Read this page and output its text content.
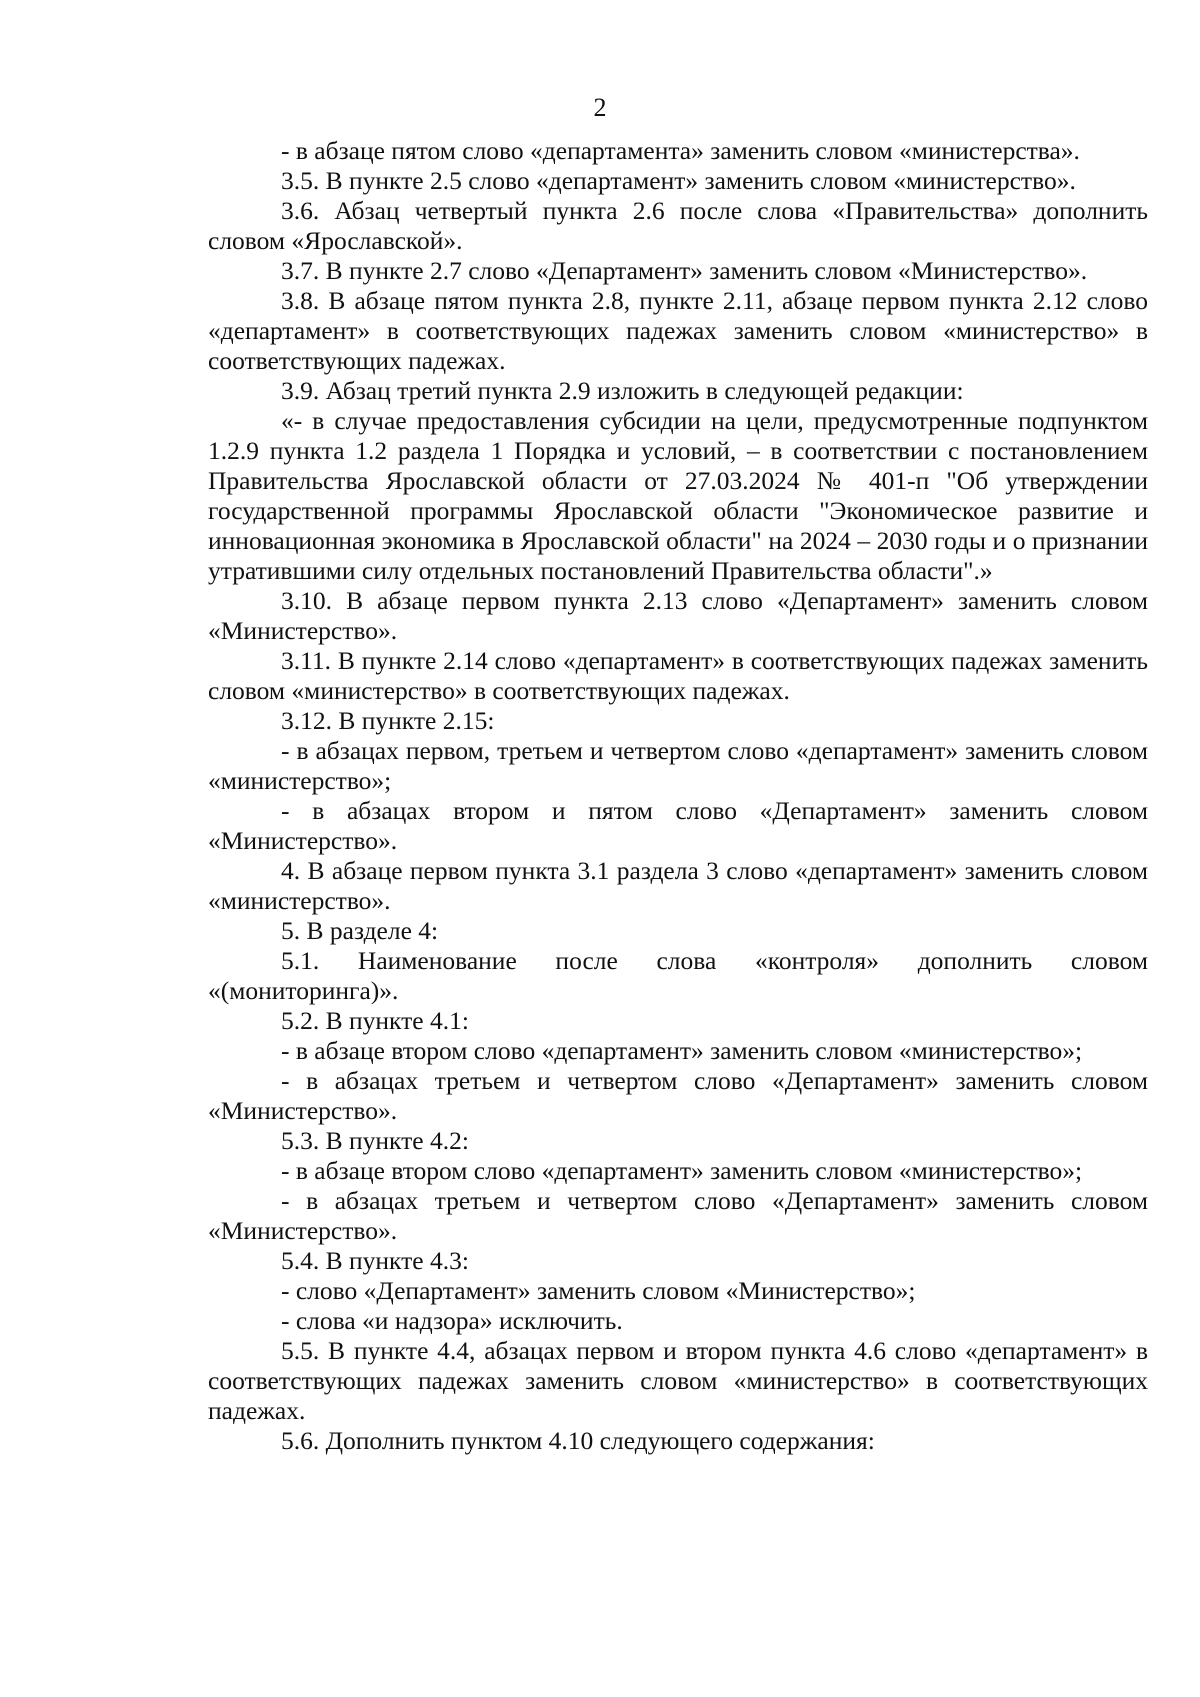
2

- в абзаце пятом слово «департамента» заменить словом «министерства».

3.5. В пункте 2.5 слово «департамент» заменить словом «министерство».

3.6. Абзац четвертый пункта 2.6 после слова «Правительства» дополнить словом «Ярославской».

3.7. В пункте 2.7 слово «Департамент» заменить словом «Министерство».

3.8. В абзаце пятом пункта 2.8, пункте 2.11, абзаце первом пункта 2.12 слово «департамент» в соответствующих падежах заменить словом «министерство» в соответствующих падежах.

3.9. Абзац третий пункта 2.9 изложить в следующей редакции:

«- в случае предоставления субсидии на цели, предусмотренные подпунктом 1.2.9 пункта 1.2 раздела 1 Порядка и условий, – в соответствии с постановлением Правительства Ярославской области от 27.03.2024 № 401-п "Об утверждении государственной программы Ярославской области "Экономическое развитие и инновационная экономика в Ярославской области" на 2024 – 2030 годы и о признании утратившими силу отдельных постановлений Правительства области".»

3.10. В абзаце первом пункта 2.13 слово «Департамент» заменить словом «Министерство».

3.11. В пункте 2.14 слово «департамент» в соответствующих падежах заменить словом «министерство» в соответствующих падежах.

3.12. В пункте 2.15:

- в абзацах первом, третьем и четвертом слово «департамент» заменить словом «министерство»;

- в абзацах втором и пятом слово «Департамент» заменить словом «Министерство».

4. В абзаце первом пункта 3.1 раздела 3 слово «департамент» заменить словом «министерство».

5. В разделе 4:

5.1. Наименование после слова «контроля» дополнить словом «(мониторинга)».

5.2. В пункте 4.1:

- в абзаце втором слово «департамент» заменить словом «министерство»;

- в абзацах третьем и четвертом слово «Департамент» заменить словом «Министерство».

5.3. В пункте 4.2:

- в абзаце втором слово «департамент» заменить словом «министерство»;

- в абзацах третьем и четвертом слово «Департамент» заменить словом «Министерство».

5.4. В пункте 4.3:

- слово «Департамент» заменить словом «Министерство»;

- слова «и надзора» исключить.

5.5. В пункте 4.4, абзацах первом и втором пункта 4.6 слово «департамент» в соответствующих падежах заменить словом «министерство» в соответствующих падежах.

5.6. Дополнить пунктом 4.10 следующего содержания:
